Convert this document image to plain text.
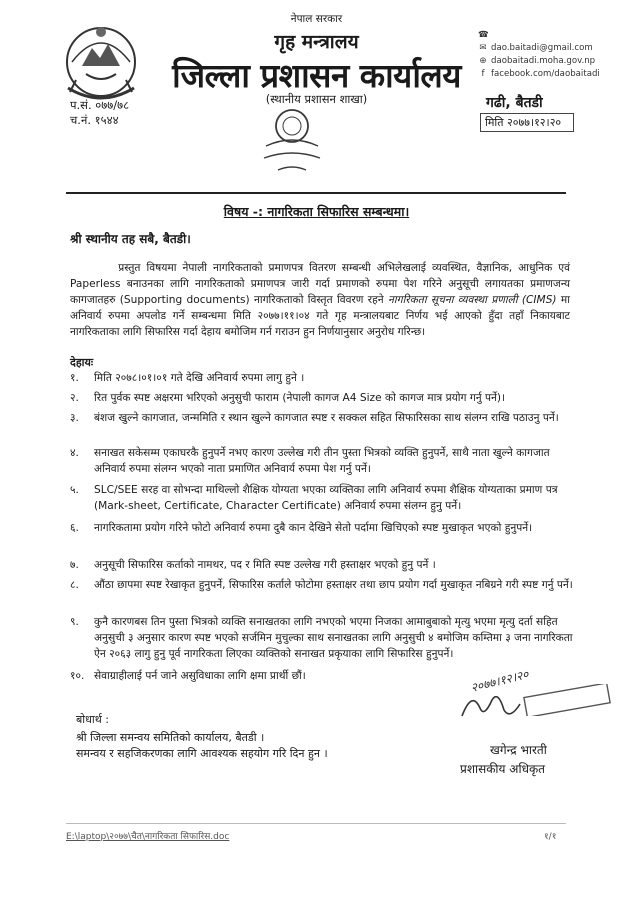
नेपाल सरकार
गृह मन्त्रालय
जिल्ला प्रशासन कार्यालय
(स्थानीय प्रशासन शाखा)
प.सं. ०७७/७८
च.नं. १५४४
☎
✉ dao.baitadi@gmail.com
⊕ daobaitadi.moha.gov.np
f facebook.com/daobaitadi
गढी, बैतडी
मिति २०७७।१२।२०
विषय -: नागरिकता सिफारिस सम्बन्धमा।
श्री स्थानीय तह सबै, बैतडी।
प्रस्तुत विषयमा नेपाली नागरिकताको प्रमाणपत्र वितरण सम्बन्धी अभिलेखलाई व्यवस्थित, वैज्ञानिक, आधुनिक एवं Paperless बनाउनका लागि नागरिकताको प्रमाणपत्र जारी गर्दा प्रमाणको रुपमा पेश गरिने अनुसूची लगायतका प्रमाणजन्य कागजातहरु (Supporting documents) नागरिकताको विस्तृत विवरण रहने नागरिकता सूचना व्यवस्था प्रणाली (CIMS) मा अनिवार्य रुपमा अपलोड गर्ने सम्बन्धमा मिति २०७७।११।०४ गते गृह मन्त्रालयबाट निर्णय भई आएको हुँदा तहाँ निकायबाट नागरिकताका लागि सिफारिस गर्दा देहाय बमोजिम गर्न गराउन हुन निर्णयानुसार अनुरोध गरिन्छ।
देहायः
१.	मिति २०७८।०१।०१ गते देखि अनिवार्य रुपमा लागु हुने ।
२.	रित पुर्वक स्पष्ट अक्षरमा भरिएको अनुसुची फाराम (नेपाली कागज A4 Size को कागज मात्र प्रयोग गर्नु पर्ने)।
३.	बंशज खुल्ने कागजात, जन्ममिति र स्थान खुल्ने कागजात स्पष्ट र सक्कल सहित सिफारिसका साथ संलग्न राखि पठाउनु पर्ने।
४.	सनाखत सकेसम्म एकाघरकै हुनुपर्ने नभए कारण उल्लेख गरी तीन पुस्ता भित्रको व्यक्ति हुनुपर्ने, साथै नाता खुल्ने कागजात अनिवार्य रुपमा संलग्न भएको नाता प्रमाणित अनिवार्य रुपमा पेश गर्नु पर्ने।
५.	SLC/SEE सरह वा सोभन्दा माथिल्लो शैक्षिक योग्यता भएका व्यक्तिका लागि अनिवार्य रुपमा शैक्षिक योग्यताका प्रमाण पत्र (Mark-sheet, Certificate, Character Certificate) अनिवार्य रुपमा संलग्न हुनु पर्ने।
६.	नागरिकतामा प्रयोग गरिने फोटो अनिवार्य रुपमा दुबै कान देखिने सेतो पर्दामा खिचिएको स्पष्ट मुखाकृत भएको हुनुपर्ने।
७.	अनुसूची सिफारिस कर्ताको नामथर, पद र मिति स्पष्ट उल्लेख गरी हस्ताक्षर भएको हुनु पर्ने ।
८.	औंठा छापमा स्पष्ट रेखाकृत हुनुपर्ने, सिफारिस कर्ताले फोटोमा हस्ताक्षर तथा छाप प्रयोग गर्दा मुखाकृत नबिग्रने गरी स्पष्ट गर्नु पर्ने।
९.	कुनै कारणबस तिन पुस्ता भित्रको व्यक्ति सनाखतका लागि नभएको भएमा निजका आमाबुबाको मृत्यु भएमा मृत्यु दर्ता सहित अनुसुची ३ अनुसार कारण स्पष्ट भएको सर्जमिन मुचुल्का साथ सनाखतका लागि अनुसुची ४ बमोजिम कम्तिमा ३ जना नागरिकता ऐन २०६३ लागु हुनु पूर्व नागरिकता लिएका व्यक्तिको सनाखत प्रकृयाका लागि सिफारिस हुनुपर्ने।
१०. सेवाग्राहीलाई पर्न जाने असुविधाका लागि क्षमा प्रार्थी छौं।	२०७७।१२।२०
खगेन्द्र भारती
प्रशासकीय अधिकृत
बोधार्थ :
श्री जिल्ला समन्वय समितिको कार्यालय, बैतडी ।
समन्वय र सहजिकरणका लागि आवश्यक सहयोग गरि दिन हुन ।
E:\laptop\२०७७\चैत\नागरिकता सिफारिस.doc	१/१
